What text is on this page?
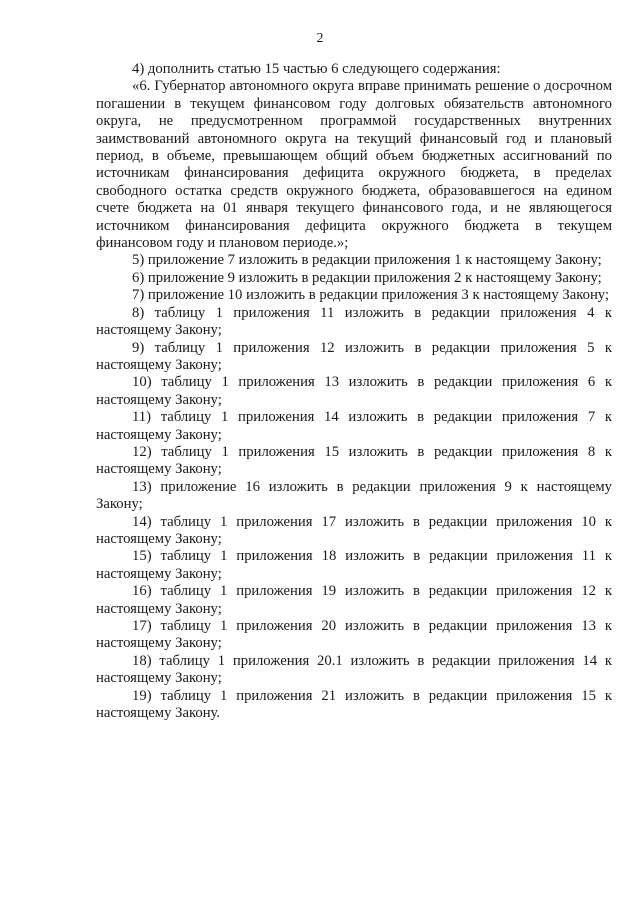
2

4) дополнить статью 15 частью 6 следующего содержания:

«6. Губернатор автономного округа вправе принимать решение о досрочном погашении в текущем финансовом году долговых обязательств автономного округа, не предусмотренном программой государственных внутренних заимствований автономного округа на текущий финансовый год и плановый период, в объеме, превышающем общий объем бюджетных ассигнований по источникам финансирования дефицита окружного бюджета, в пределах свободного остатка средств окружного бюджета, образовавшегося на едином счете бюджета на 01 января текущего финансового года, и не являющегося источником финансирования дефицита окружного бюджета в текущем финансовом году и плановом периоде.»;

5) приложение 7 изложить в редакции приложения 1 к настоящему Закону;

6) приложение 9 изложить в редакции приложения 2 к настоящему Закону;

7) приложение 10 изложить в редакции приложения 3 к настоящему Закону;

8) таблицу 1 приложения 11 изложить в редакции приложения 4 к настоящему Закону;

9) таблицу 1 приложения 12 изложить в редакции приложения 5 к настоящему Закону;

10) таблицу 1 приложения 13 изложить в редакции приложения 6 к настоящему Закону;

11) таблицу 1 приложения 14 изложить в редакции приложения 7 к настоящему Закону;

12) таблицу 1 приложения 15 изложить в редакции приложения 8 к настоящему Закону;

13) приложение 16 изложить в редакции приложения 9 к настоящему Закону;

14) таблицу 1 приложения 17 изложить в редакции приложения 10 к настоящему Закону;

15) таблицу 1 приложения 18 изложить в редакции приложения 11 к настоящему Закону;

16) таблицу 1 приложения 19 изложить в редакции приложения 12 к настоящему Закону;

17) таблицу 1 приложения 20 изложить в редакции приложения 13 к настоящему Закону;

18) таблицу 1 приложения 20.1 изложить в редакции приложения 14 к настоящему Закону;

19) таблицу 1 приложения 21 изложить в редакции приложения 15 к настоящему Закону.
